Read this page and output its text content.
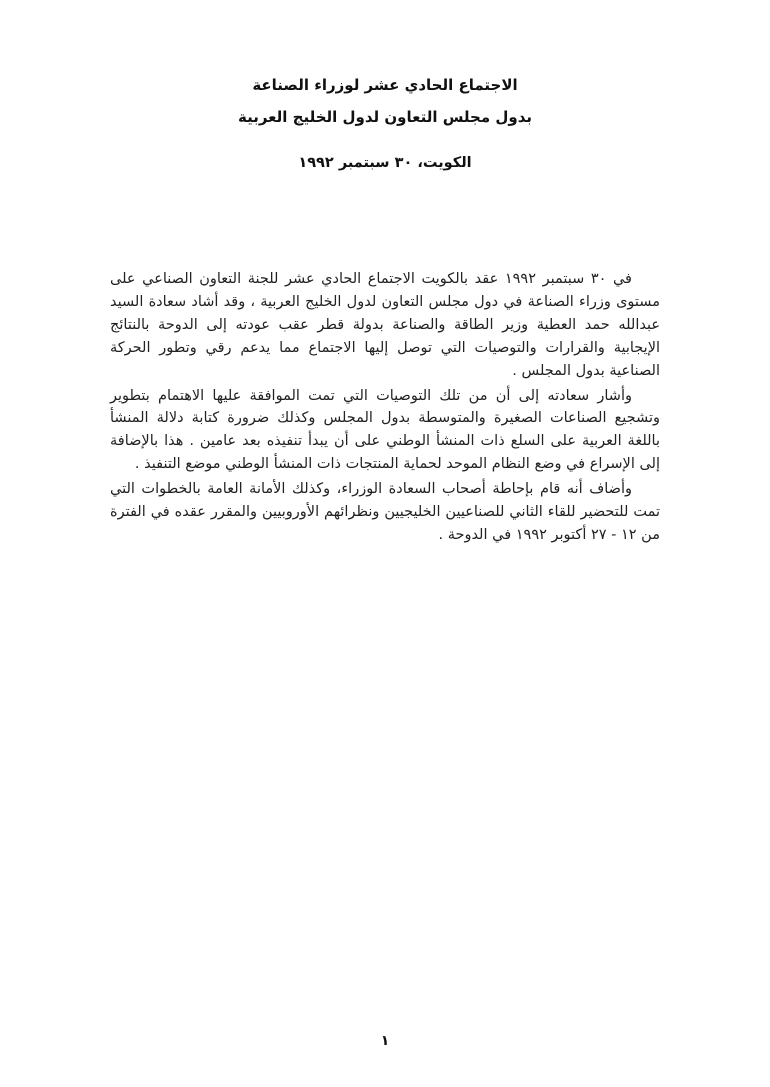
الاجتماع الحادي عشر لوزراء الصناعة
بدول مجلس التعاون لدول الخليج العربية
الكويت، ٣٠ سبتمبر ١٩٩٢

في ٣٠ سبتمبر ١٩٩٢ عقد بالكويت الاجتماع الحادي عشر للجنة التعاون الصناعي على مستوى وزراء الصناعة في دول مجلس التعاون لدول الخليج العربية ، وقد أشاد سعادة السيد عبدالله حمد العطية وزير الطاقة والصناعة بدولة قطر عقب عودته إلى الدوحة بالنتائج الإيجابية والقرارات والتوصيات التي توصل إليها الاجتماع مما يدعم رقي وتطور الحركة الصناعية بدول المجلس .

وأشار سعادته إلى أن من تلك التوصيات التي تمت الموافقة عليها الاهتمام بتطوير وتشجيع الصناعات الصغيرة والمتوسطة بدول المجلس وكذلك ضرورة كتابة دلالة المنشأ باللغة العربية على السلع ذات المنشأ الوطني على أن يبدأ تنفيذه بعد عامين . هذا بالإضافة إلى الإسراع في وضع النظام الموحد لحماية المنتجات ذات المنشأ الوطني موضع التنفيذ .

وأضاف أنه قام بإحاطة أصحاب السعادة الوزراء، وكذلك الأمانة العامة بالخطوات التي تمت للتحضير للقاء الثاني للصناعيين الخليجيين ونظرائهم الأوروبيين والمقرر عقده في الفترة من ١٢ - ٢٧ أكتوبر ١٩٩٢ في الدوحة .

١
